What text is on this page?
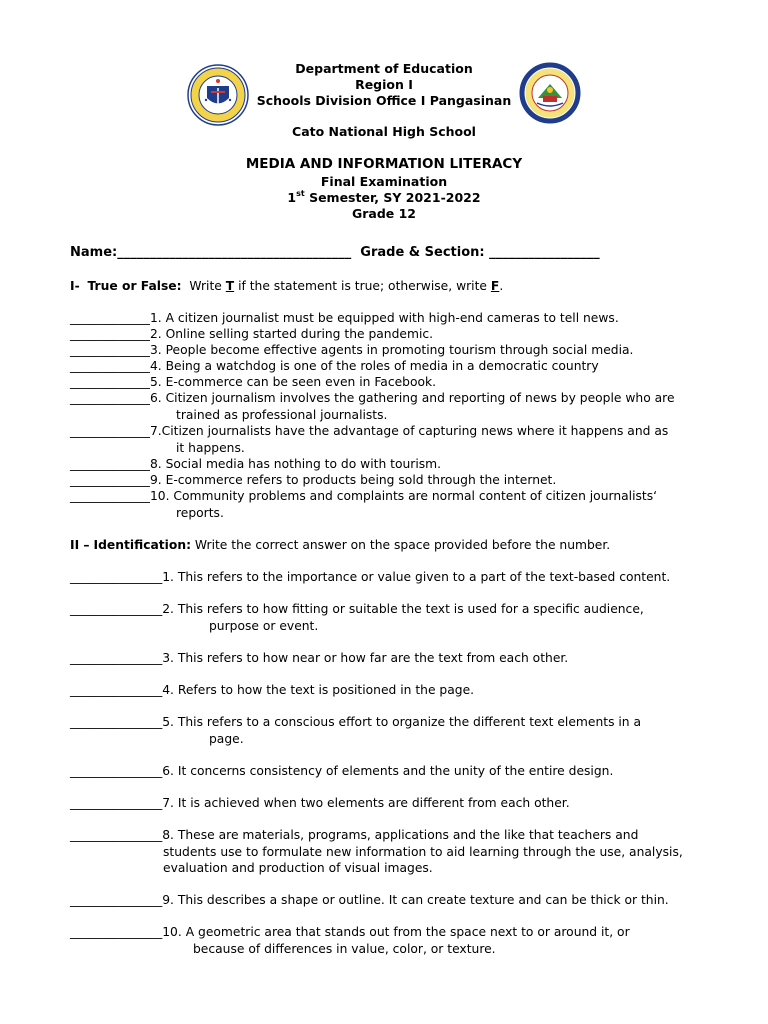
Department of Education
Region I
Schools Division Office I Pangasinan
Cato National High School
MEDIA AND INFORMATION LITERACY
Final Examination
1st Semester, SY 2021-2022
Grade 12
Name:____________________________________ Grade & Section: _________________
I- True or False: Write T if the statement is true; otherwise, write F.
_____________1. A citizen journalist must be equipped with high-end cameras to tell news.
_____________2. Online selling started during the pandemic.
_____________3. People become effective agents in promoting tourism through social media.
_____________4. Being a watchdog is one of the roles of media in a democratic country
_____________5. E-commerce can be seen even in Facebook.
_____________6. Citizen journalism involves the gathering and reporting of news by people who are
trained as professional journalists.
_____________7.Citizen journalists have the advantage of capturing news where it happens and as
it happens.
_____________8. Social media has nothing to do with tourism.
_____________9. E-commerce refers to products being sold through the internet.
_____________10. Community problems and complaints are normal content of citizen journalists‘
reports.
II – Identification: Write the correct answer on the space provided before the number.
_______________1. This refers to the importance or value given to a part of the text-based content.
_______________2. This refers to how fitting or suitable the text is used for a specific audience,
purpose or event.
_______________3. This refers to how near or how far are the text from each other.
_______________4. Refers to how the text is positioned in the page.
_______________5. This refers to a conscious effort to organize the different text elements in a
page.
_______________6. It concerns consistency of elements and the unity of the entire design.
_______________7. It is achieved when two elements are different from each other.
_______________8. These are materials, programs, applications and the like that teachers and
students use to formulate new information to aid learning through the use, analysis,
evaluation and production of visual images.
_______________9. This describes a shape or outline. It can create texture and can be thick or thin.
_______________10. A geometric area that stands out from the space next to or around it, or
because of differences in value, color, or texture.
